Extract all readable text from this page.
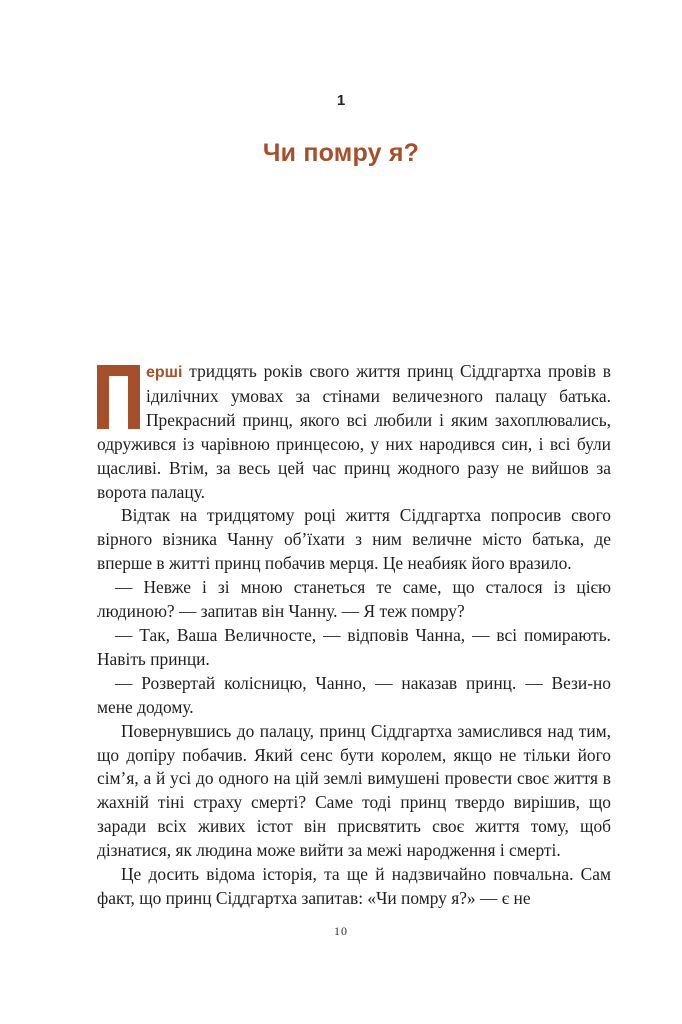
1
Чи помру я?

ерші тридцять років свого життя принц Сіддгартха провів в ідилічних умовах за стінами величезного палацу батька. Прекрасний принц, якого всі любили і яким захоплювались, одружився із чарівною принцесою, у них народився син, і всі були щасливі. Втім, за весь цей час принц жодного разу не вийшов за ворота палацу.

Відтак на тридцятому році життя Сіддгартха попросив свого вірного візника Чанну об’їхати з ним величне місто батька, де вперше в житті принц побачив мерця. Це неабияк його вразило.

— Невже і зі мною станеться те саме, що сталося із цією людиною? — запитав він Чанну. — Я теж помру?

— Так, Ваша Величносте, — відповів Чанна, — всі помирають. Навіть принци.

— Розвертай колісницю, Чанно, — наказав принц. — Вези-но мене додому.

Повернувшись до палацу, принц Сіддгартха замислився над тим, що допіру побачив. Який сенс бути королем, якщо не тільки його сім’я, а й усі до одного на цій землі вимушені провести своє життя в жахній тіні страху смерті? Саме тоді принц твердо вирішив, що заради всіх живих істот він присвятить своє життя тому, щоб дізнатися, як людина може вийти за межі народження і смерті.

Це досить відома історія, та ще й надзвичайно повчальна. Сам факт, що принц Сіддгартха запитав: «Чи помру я?» — є не

10
